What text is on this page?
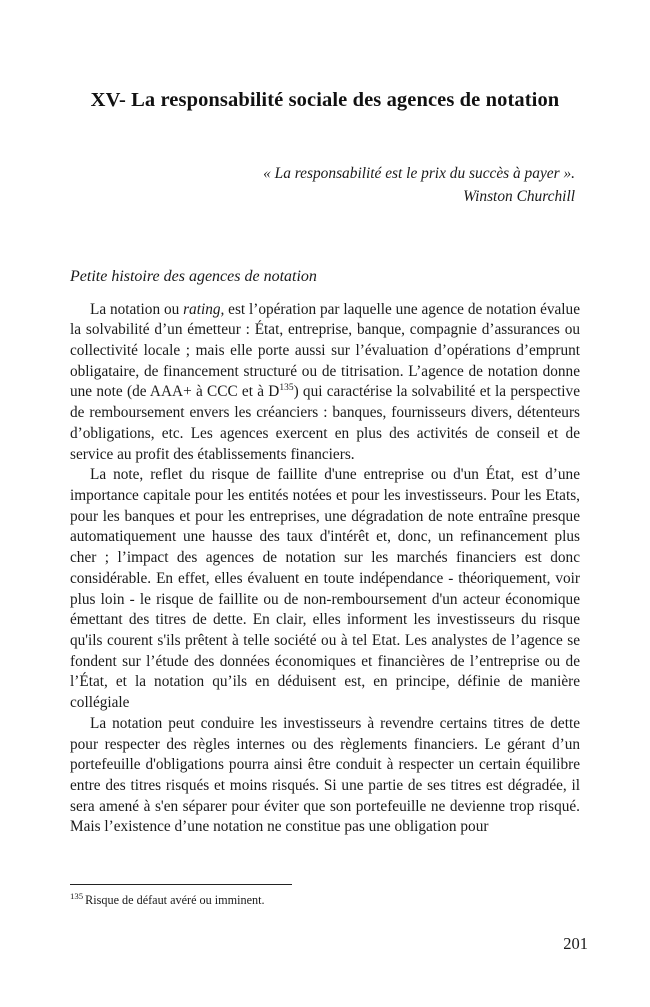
XV- La responsabilité sociale des agences de notation
« La responsabilité est le prix du succès à payer ».
Winston Churchill
Petite histoire des agences de notation

La notation ou rating, est l’opération par laquelle une agence de notation évalue la solvabilité d’un émetteur : État, entreprise, banque, compagnie d’assurances ou collectivité locale ; mais elle porte aussi sur l’évaluation d’opérations d’emprunt obligataire, de financement structuré ou de titrisation. L’agence de notation donne une note (de AAA+ à CCC et à $D^{135}$) qui caractérise la solvabilité et la perspective de remboursement envers les créanciers : banques, fournisseurs divers, détenteurs d’obligations, etc. Les agences exercent en plus des activités de conseil et de service au profit des établissements financiers.

La note, reflet du risque de faillite d'une entreprise ou d'un État, est d’une importance capitale pour les entités notées et pour les investisseurs. Pour les Etats, pour les banques et pour les entreprises, une dégradation de note entraîne presque automatiquement une hausse des taux d'intérêt et, donc, un refinancement plus cher ; l’impact des agences de notation sur les marchés financiers est donc considérable. En effet, elles évaluent en toute indépendance - théoriquement, voir plus loin - le risque de faillite ou de non-remboursement d'un acteur économique émettant des titres de dette. En clair, elles informent les investisseurs du risque qu'ils courent s'ils prêtent à telle société ou à tel Etat. Les analystes de l’agence se fondent sur l’étude des données économiques et financières de l’entreprise ou de l’État, et la notation qu’ils en déduisent est, en principe, définie de manière collégiale

La notation peut conduire les investisseurs à revendre certains titres de dette pour respecter des règles internes ou des règlements financiers. Le gérant d’un portefeuille d'obligations pourra ainsi être conduit à respecter un certain équilibre entre des titres risqués et moins risqués. Si une partie de ses titres est dégradée, il sera amené à s'en séparer pour éviter que son portefeuille ne devienne trop risqué. Mais l’existence d’une notation ne constitue pas une obligation pour

$^{135}$ Risque de défaut avéré ou imminent.

201
